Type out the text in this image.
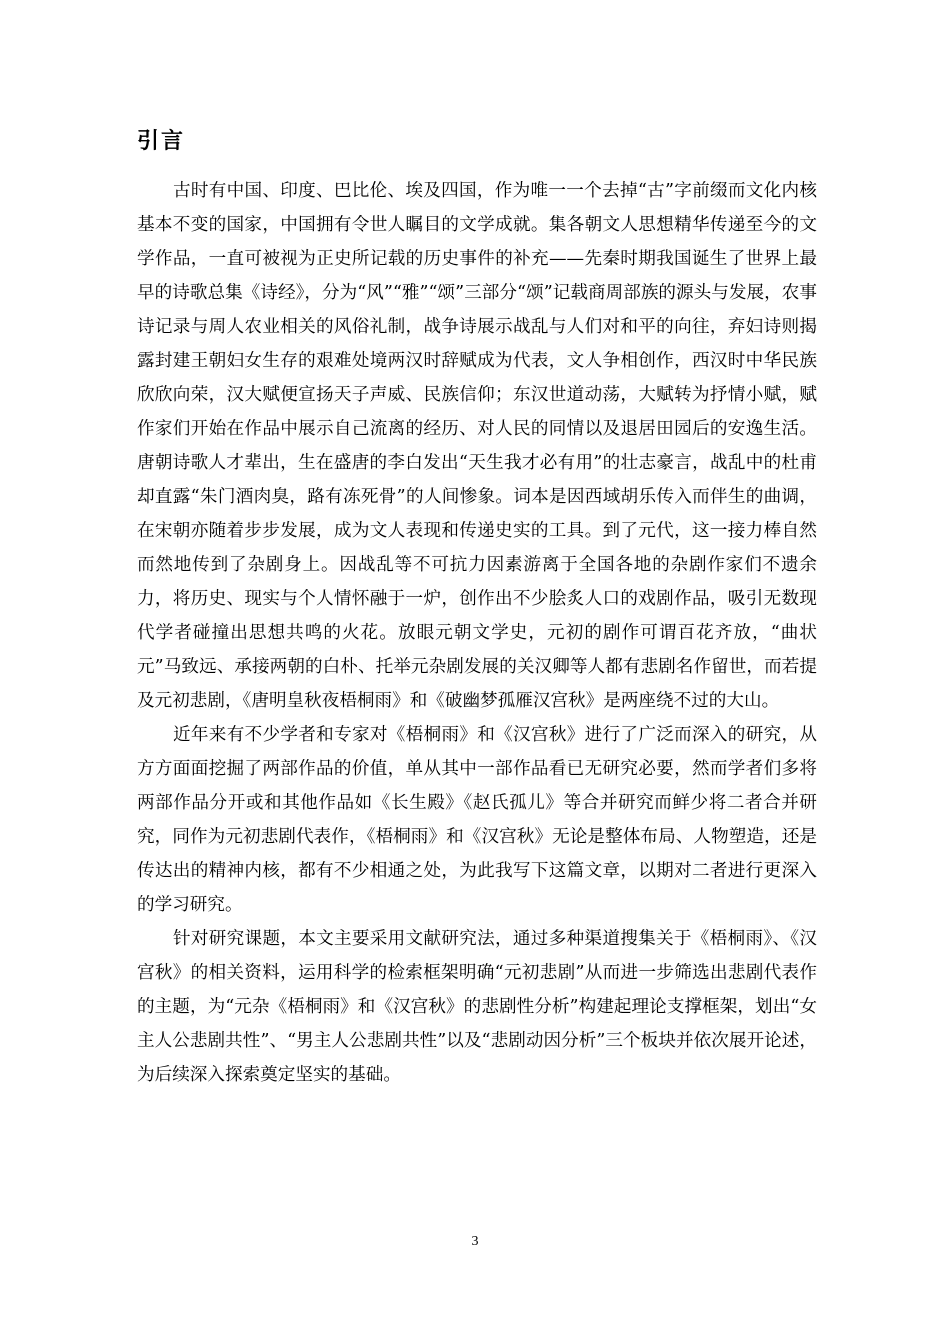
引言

古时有中国、印度、巴比伦、埃及四国，作为唯一一个去掉“古”字前缀而文化内核基本不变的国家，中国拥有令世人瞩目的文学成就。集各朝文人思想精华传递至今的文学作品，一直可被视为正史所记载的历史事件的补充——先秦时期我国诞生了世界上最早的诗歌总集《诗经》，分为“风”“雅”“颂”三部分“颂”记载商周部族的源头与发展，农事诗记录与周人农业相关的风俗礼制，战争诗展示战乱与人们对和平的向往，弃妇诗则揭露封建王朝妇女生存的艰难处境两汉时辞赋成为代表，文人争相创作，西汉时中华民族欣欣向荣，汉大赋便宣扬天子声威、民族信仰；东汉世道动荡，大赋转为抒情小赋，赋作家们开始在作品中展示自己流离的经历、对人民的同情以及退居田园后的安逸生活。唐朝诗歌人才辈出，生在盛唐的李白发出“天生我才必有用”的壮志豪言，战乱中的杜甫却直露“朱门酒肉臭，路有冻死骨”的人间惨象。词本是因西域胡乐传入而伴生的曲调，在宋朝亦随着步步发展，成为文人表现和传递史实的工具。到了元代，这一接力棒自然而然地传到了杂剧身上。因战乱等不可抗力因素游离于全国各地的杂剧作家们不遗余力，将历史、现实与个人情怀融于一炉，创作出不少脍炙人口的戏剧作品，吸引无数现代学者碰撞出思想共鸣的火花。放眼元朝文学史，元初的剧作可谓百花齐放，“曲状元”马致远、承接两朝的白朴、托举元杂剧发展的关汉卿等人都有悲剧名作留世，而若提及元初悲剧，《唐明皇秋夜梧桐雨》和《破幽梦孤雁汉宫秋》是两座绕不过的大山。

近年来有不少学者和专家对《梧桐雨》和《汉宫秋》进行了广泛而深入的研究，从方方面面挖掘了两部作品的价值，单从其中一部作品看已无研究必要，然而学者们多将两部作品分开或和其他作品如《长生殿》《赵氏孤儿》等合并研究而鲜少将二者合并研究，同作为元初悲剧代表作，《梧桐雨》和《汉宫秋》无论是整体布局、人物塑造，还是传达出的精神内核，都有不少相通之处，为此我写下这篇文章，以期对二者进行更深入的学习研究。

针对研究课题，本文主要采用文献研究法，通过多种渠道搜集关于《梧桐雨》、《汉宫秋》的相关资料，运用科学的检索框架明确“元初悲剧”从而进一步筛选出悲剧代表作的主题，为“元杂《梧桐雨》和《汉宫秋》的悲剧性分析”构建起理论支撑框架，划出“女主人公悲剧共性”、“男主人公悲剧共性”以及“悲剧动因分析”三个板块并依次展开论述，为后续深入探索奠定坚实的基础。

3
